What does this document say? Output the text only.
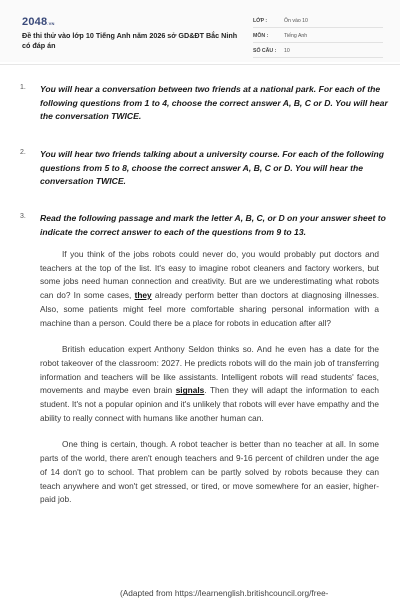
2048.VN
Đề thi thử vào lớp 10 Tiếng Anh năm 2026 sở GD&ĐT Bắc Ninh có đáp án
LỚP :	Ôn vào 10
MÔN :	Tiếng Anh
SỐ CÂU : 10
1. You will hear a conversation between two friends at a national park. For each of the following questions from 1 to 4, choose the correct answer A, B, C or D. You will hear the conversation TWICE.
2. You will hear two friends talking about a university course. For each of the following questions from 5 to 8, choose the correct answer A, B, C or D. You will hear the conversation TWICE.
3. Read the following passage and mark the letter A, B, C, or D on your answer sheet to indicate the correct answer to each of the questions from 9 to 13.

If you think of the jobs robots could never do, you would probably put doctors and teachers at the top of the list. It's easy to imagine robot cleaners and factory workers, but some jobs need human connection and creativity. But are we underestimating what robots can do? In some cases, they already perform better than doctors at diagnosing illnesses. Also, some patients might feel more comfortable sharing personal information with a machine than a person. Could there be a place for robots in education after all?

British education expert Anthony Seldon thinks so. And he even has a date for the robot takeover of the classroom: 2027. He predicts robots will do the main job of transferring information and teachers will be like assistants. Intelligent robots will read students' faces, movements and maybe even brain signals. Then they will adapt the information to each student. It's not a popular opinion and it's unlikely that robots will ever have empathy and the ability to really connect with humans like another human can.

One thing is certain, though. A robot teacher is better than no teacher at all. In some parts of the world, there aren't enough teachers and 9-16 percent of children under the age of 14 don't go to school. That problem can be partly solved by robots because they can teach anywhere and won't get stressed, or tired, or move somewhere for an easier, higher-paid job.

(Adapted from https://learnenglish.britishcouncil.org/free-
